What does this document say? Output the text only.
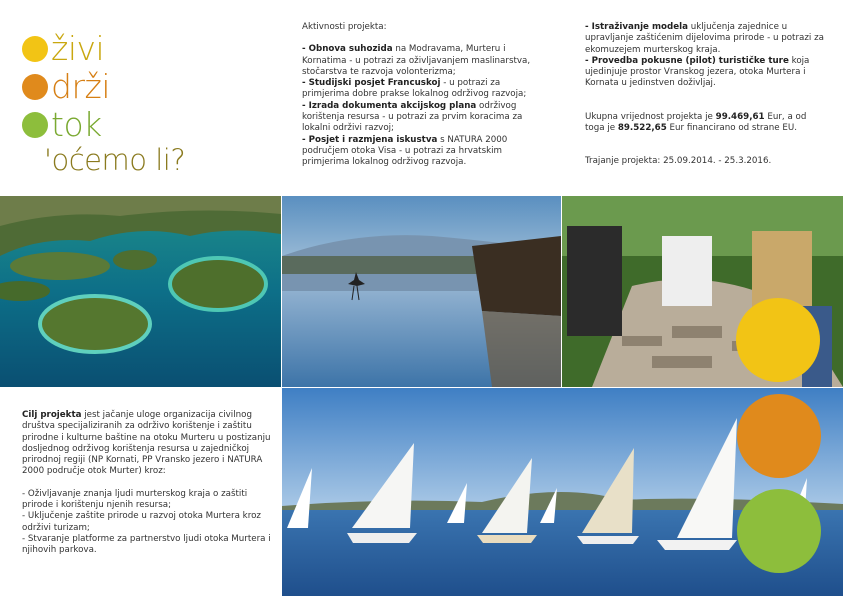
živi
drži
tok
'oćemo li?

Aktivnosti projekta:

- Obnova suhozida na Modravama, Murteru i Kornatima - u potrazi za oživljavanjem maslinarstva, stočarstva te razvoja volonterizma;

- Studijski posjet Francuskoj - u potrazi za primjerima dobre prakse lokalnog održivog razvoja;

- Izrada dokumenta akcijskog plana održivog korištenja resursa - u potrazi za prvim koracima za lokalni održivi razvoj;

- Posjet i razmjena iskustva s NATURA 2000 područjem otoka Visa - u potrazi za hrvatskim primjerima lokalnog održivog razvoja.

- Istraživanje modela uključenja zajednice u upravljanje zaštićenim dijelovima prirode - u potrazi za ekomuzejem murterskog kraja.

- Provedba pokusne (pilot) turističke ture koja ujedinjuje prostor Vranskog jezera, otoka Murtera i Kornata u jedinstven doživljaj.

Ukupna vrijednost projekta je 99.469,61 Eur, a od toga je 89.522,65 Eur financirano od strane EU.

Trajanje projekta: 25.09.2014. - 25.3.2016.

Cilj projekta jest jačanje uloge organizacija civilnog društva specijaliziranih za održivo korištenje i zaštitu prirodne i kulturne baštine na otoku Murteru u postizanju dosljednog održivog korištenja resursa u zajedničkoj prirodnoj regiji (NP Kornati, PP Vransko jezero i NATURA 2000 područje otok Murter) kroz:

- Oživljavanje znanja ljudi murterskog kraja o zaštiti prirode i korištenju njenih resursa;

- Uključenje zaštite prirode u razvoj otoka Murtera kroz održivi turizam;

- Stvaranje platforme za partnerstvo ljudi otoka Murtera i njihovih parkova.
